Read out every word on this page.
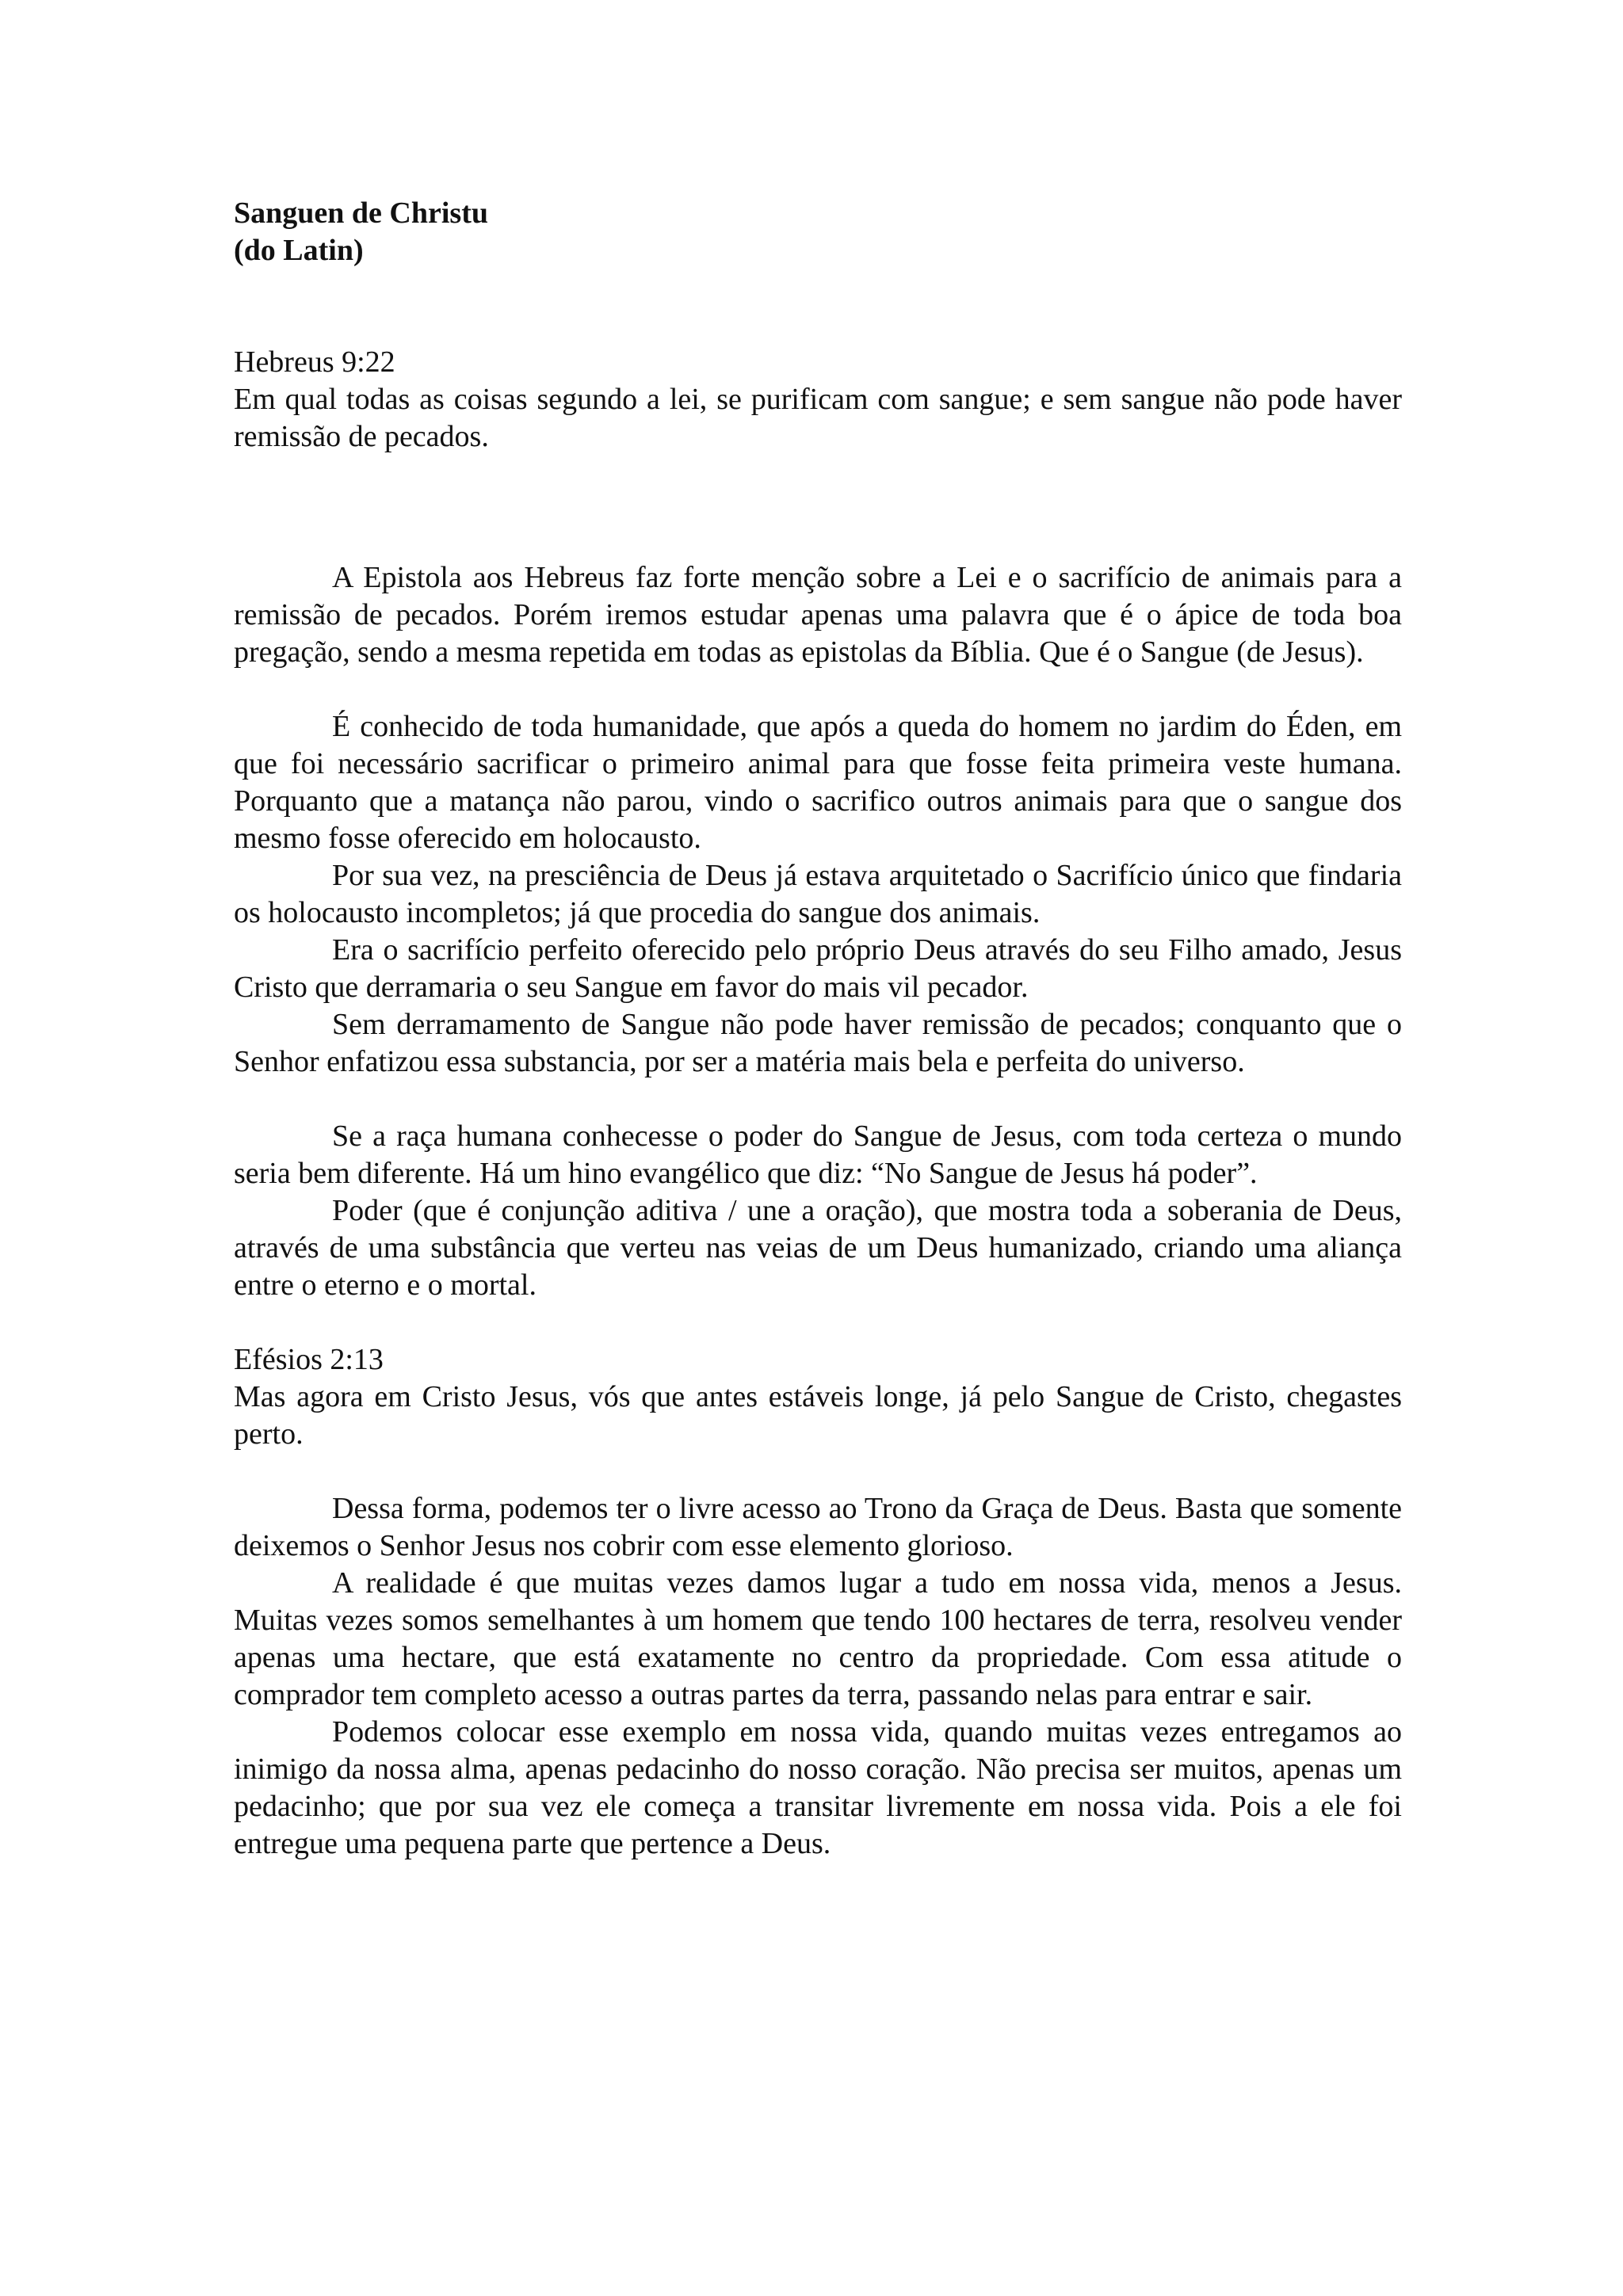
Sanguen de Christu
(do Latin)
Hebreus 9:22
Em qual todas as coisas segundo a lei, se purificam com sangue; e sem sangue não pode haver remissão de pecados.

A Epistola aos Hebreus faz forte menção sobre a Lei e o sacrifício de animais para a remissão de pecados. Porém iremos estudar apenas uma palavra que é o ápice de toda boa pregação, sendo a mesma repetida em todas as epistolas da Bíblia. Que é o Sangue (de Jesus).

É conhecido de toda humanidade, que após a queda do homem no jardim do Éden, em que foi necessário sacrificar o primeiro animal para que fosse feita primeira veste humana. Porquanto que a matança não parou, vindo o sacrifico outros animais para que o sangue dos mesmo fosse oferecido em holocausto.

Por sua vez, na presciência de Deus já estava arquitetado o Sacrifício único que findaria os holocausto incompletos; já que procedia do sangue dos animais.

Era o sacrifício perfeito oferecido pelo próprio Deus através do seu Filho amado, Jesus Cristo que derramaria o seu Sangue em favor do mais vil pecador.

Sem derramamento de Sangue não pode haver remissão de pecados; conquanto que o Senhor enfatizou essa substancia, por ser a matéria mais bela e perfeita do universo.

Se a raça humana conhecesse o poder do Sangue de Jesus, com toda certeza o mundo seria bem diferente. Há um hino evangélico que diz: “No Sangue de Jesus há poder”.

Poder (que é conjunção aditiva / une a oração), que mostra toda a soberania de Deus, através de uma substância que verteu nas veias de um Deus humanizado, criando uma aliança entre o eterno e o mortal.

Efésios 2:13
Mas agora em Cristo Jesus, vós que antes estáveis longe, já pelo Sangue de Cristo, chegastes perto.

Dessa forma, podemos ter o livre acesso ao Trono da Graça de Deus. Basta que somente deixemos o Senhor Jesus nos cobrir com esse elemento glorioso.

A realidade é que muitas vezes damos lugar a tudo em nossa vida, menos a Jesus. Muitas vezes somos semelhantes à um homem que tendo 100 hectares de terra, resolveu vender apenas uma hectare, que está exatamente no centro da propriedade. Com essa atitude o comprador tem completo acesso a outras partes da terra, passando nelas para entrar e sair.

Podemos colocar esse exemplo em nossa vida, quando muitas vezes entregamos ao inimigo da nossa alma, apenas pedacinho do nosso coração. Não precisa ser muitos, apenas um pedacinho; que por sua vez ele começa a transitar livremente em nossa vida. Pois a ele foi entregue uma pequena parte que pertence a Deus.
